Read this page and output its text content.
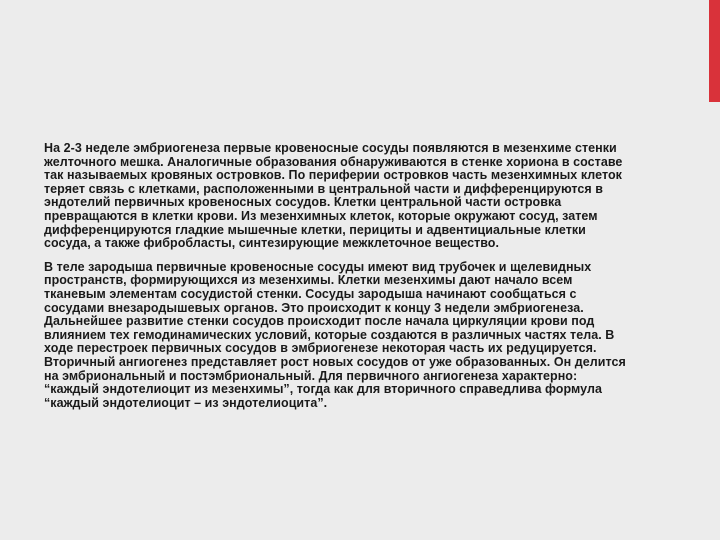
На 2-3 неделе эмбриогенеза первые кровеносные сосуды появляются в мезенхиме стенки желточного мешка. Аналогичные образования обнаруживаются в стенке хориона в составе так называемых кровяных островков. По периферии островков часть мезенхимных клеток теряет связь с клетками, расположенными в центральной части и дифференцируются в эндотелий первичных кровеносных сосудов. Клетки центральной части островка превращаются в клетки крови. Из мезенхимных клеток, которые окружают сосуд, затем дифференцируются гладкие мышечные клетки, перициты и адвентициальные клетки сосуда, а также фибробласты, синтезирующие межклеточное вещество.

В теле зародыша первичные кровеносные сосуды имеют вид трубочек и щелевидных пространств, формирующихся из мезенхимы. Клетки мезенхимы дают начало всем тканевым элементам сосудистой стенки. Сосуды зародыша начинают сообщаться с сосудами внезародышевых органов. Это происходит к концу 3 недели эмбриогенеза. Дальнейшее развитие стенки сосудов происходит после начала циркуляции крови под влиянием тех гемодинамических условий, которые создаются в различных частях тела. В ходе перестроек первичных сосудов в эмбриогенезе некоторая часть их редуцируется. Вторичный ангиогенез представляет рост новых сосудов от уже образованных. Он делится на эмбриональный и постэмбриональный. Для первичного ангиогенеза характерно: “каждый эндотелиоцит из мезенхимы”, тогда как для вторичного справедлива формула “каждый эндотелиоцит – из эндотелиоцита”.
